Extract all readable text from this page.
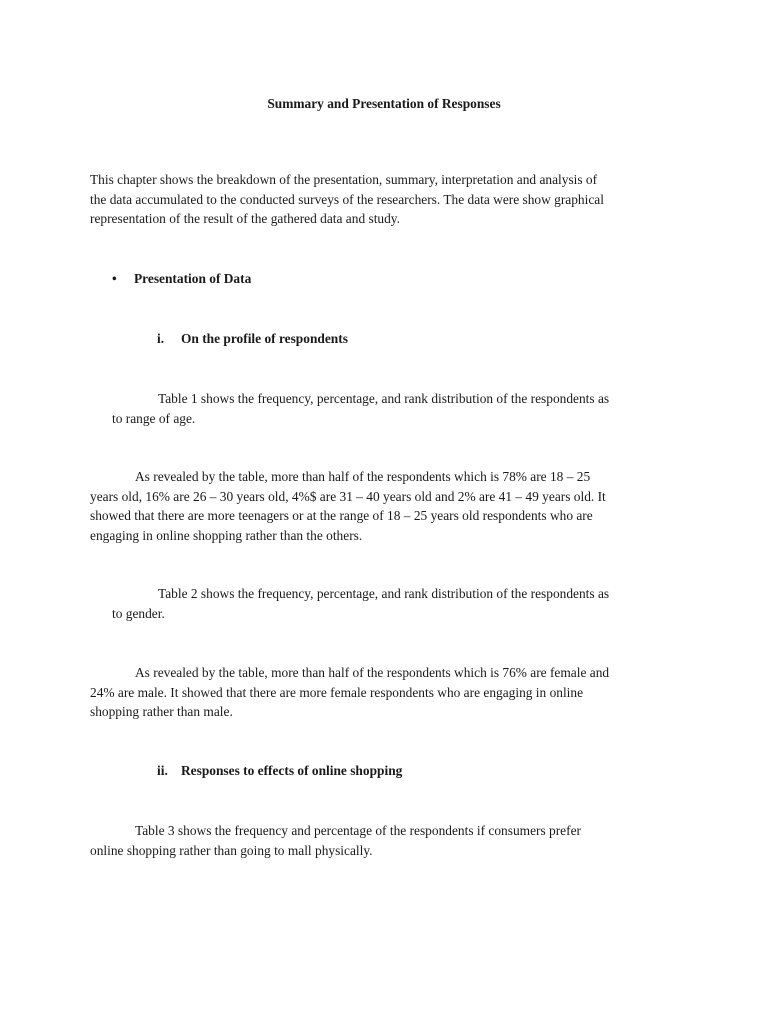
Summary and Presentation of Responses
This chapter shows the breakdown of the presentation, summary, interpretation and analysis of
the data accumulated to the conducted surveys of the researchers. The data were show graphical
representation of the result of the gathered data and study.
• Presentation of Data
i. On the profile of respondents
Table 1 shows the frequency, percentage, and rank distribution of the respondents as
to range of age.
As revealed by the table, more than half of the respondents which is 78% are 18 – 25
years old, 16% are 26 – 30 years old, 4%$ are 31 – 40 years old and 2% are 41 – 49 years old. It
showed that there are more teenagers or at the range of 18 – 25 years old respondents who are
engaging in online shopping rather than the others.
Table 2 shows the frequency, percentage, and rank distribution of the respondents as
to gender.
As revealed by the table, more than half of the respondents which is 76% are female and
24% are male. It showed that there are more female respondents who are engaging in online
shopping rather than male.
ii. Responses to effects of online shopping
Table 3 shows the frequency and percentage of the respondents if consumers prefer
online shopping rather than going to mall physically.
